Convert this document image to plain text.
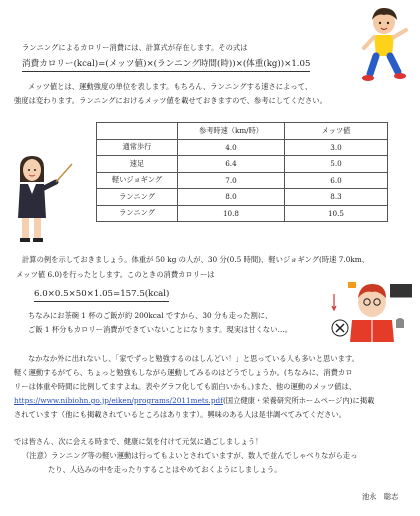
ランニングによるカロリー消費には、計算式が存在します。その式は
消費カロリー(kcal)=(メッツ値)×(ランニング時間(時))×(体重(kg))×1.05
メッツ値とは、運動強度の単位を表します。もちろん、ランニングする速さによって、
強度は変わります。ランニングにおけるメッツ値を載せておきますので、参考にしてください。
	参考時速（km/時）	メッツ値
通常歩行	4.0	3.0
速足	6.4	5.0
軽いジョギング	7.0	6.0
ランニング	8.0	8.3
ランニング	10.8	10.5
計算の例を示しておきましょう。体重が 50 kg の人が、30 分(0.5 時間)、軽いジョギング(時速 7.0km、
メッツ値 6.0)を行ったとします。このときの消費カロリーは
6.0×0.5×50×1.05=157.5(kcal)
ちなみにお茶碗 1 杯のご飯が約 200kcal ですから、30 分も走った割に、
ご飯 1 杯分もカロリー消費ができていないことになります。現実は甘くない…。
なかなか外に出れないし、「家でずっと勉強するのはしんどい！」と思っている人も多いと思います。
軽く運動するがてら、ちょっと勉強もしながら運動してみるのはどうでしょうか。(ちなみに、消費カロ
リーは体重や時間に比例してますよね。表やグラフ化しても面白いかも。)また、他の運動のメッツ値は、
https://www.nibiohn.go.jp/eiken/programs/2011mets.pdf(国立健康・栄養研究所ホームページ内)に掲載
されています（他にも掲載されているところはあります）。興味のある人は是非調べてみてください。
では皆さん、次に会える時まで、健康に気を付けて元気に過ごしましょう！
（注意）ランニング等の軽い運動は行ってもよいとされていますが、数人で並んでしゃべりながら走っ
たり、人込みの中を走ったりすることはやめておくようにしましょう。
池永　聡志
